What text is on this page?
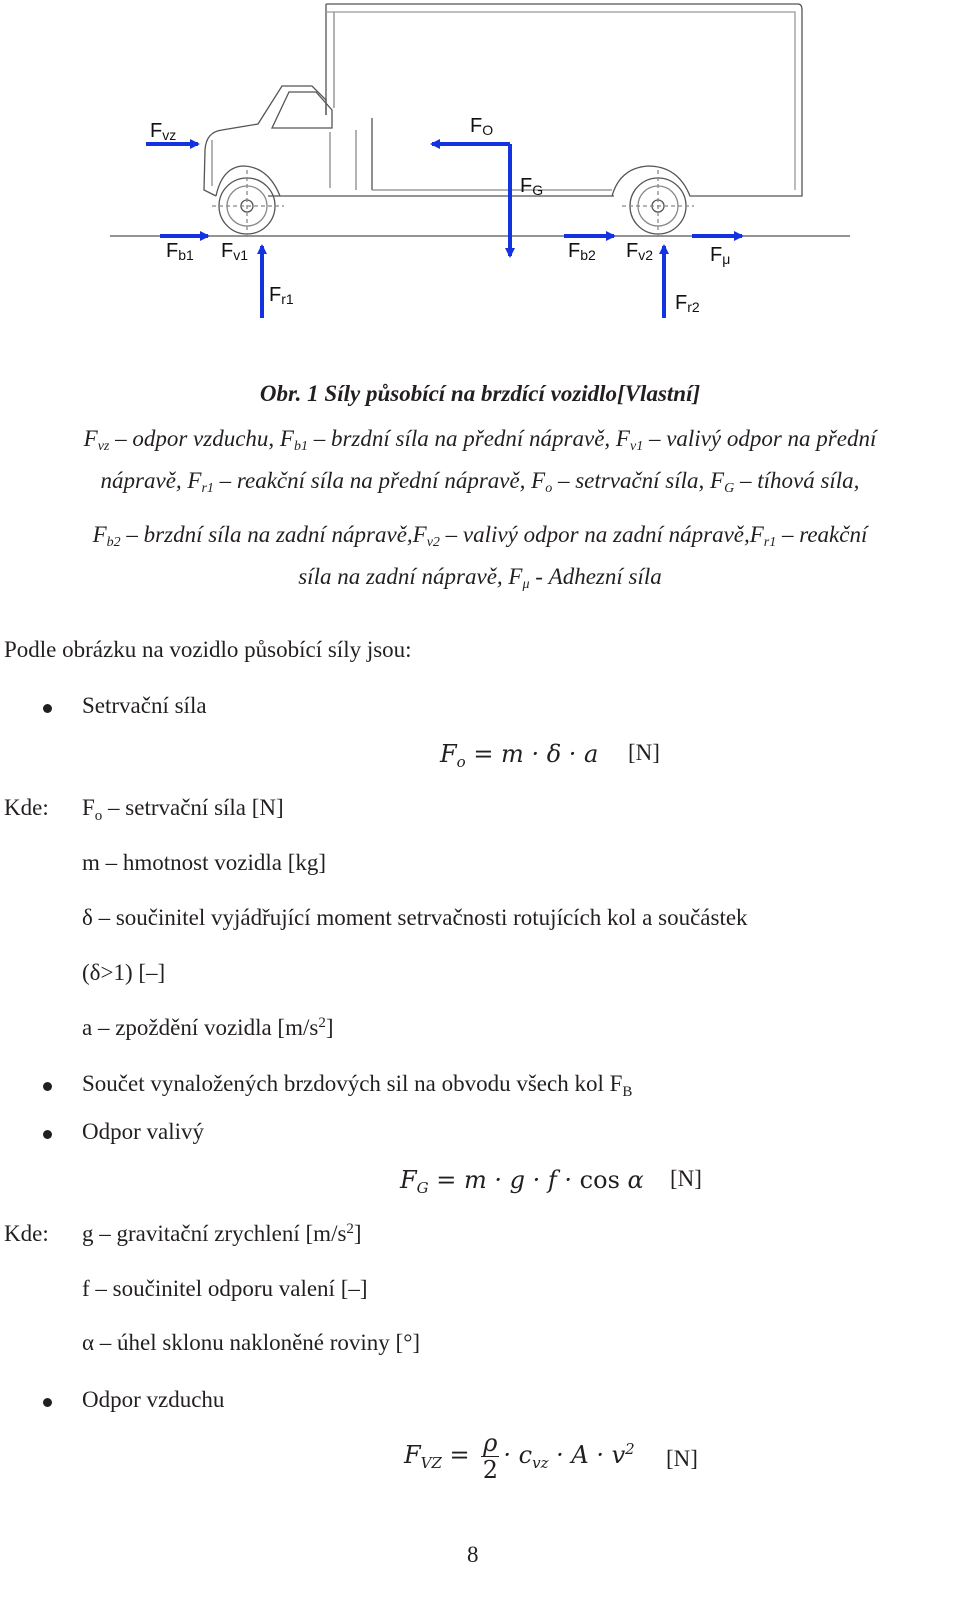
$F_{vz}$	$F_O$
$F_G$
$F_{b1}$ $F_{v1}$
$F_{r1}$
$F_{b2}$ $F_{v2}$	$F_\mu$
$F_{r2}$
Obr. 1 Síly působící na brzdící vozidlo[Vlastní]

$F_{vz}$ – odpor vzduchu, $F_{b1}$ – brzdní síla na přední nápravě, $F_{v1}$ – valivý odpor na přední

nápravě, $F_{r1}$ – reakční síla na přední nápravě, $F_o$ – setrvační síla, $F_G$ – tíhová síla,

$F_{b2}$ – brzdní síla na zadní $nápravě,F_{v2}$ – valivý odpor na zadní $nápravě,F_{r1}$ – reakční

síla na zadní nápravě, $F_\mu$ - Adhezní síla

Podle obrázku na vozidlo působící síly jsou:
Setrvační síla
$F_o = m \cdot \delta \cdot a$ [N]
Kde: $F_o$ – setrvační síla [N]
m – hmotnost vozidla [kg]
δ – součinitel vyjádřující moment setrvačnosti rotujících kol a součástek
(δ>1) [–]
a – zpoždění vozidla $[m/s^2]$
Součet vynaložených brzdových sil na obvodu všech kol $F_B$
Odpor valivý
$F_G = m \cdot g \cdot f \cdot \cos \alpha$ [N]
Kde: g – gravitační zrychlení $[m/s^2]$
f – součinitel odporu valení [–]
α – úhel sklonu nakloněné roviny [°]
Odpor vzduchu
$F_{VZ} = \frac{\rho}{2} \cdot c_{vz} \cdot A \cdot v^2$ [N]
8
